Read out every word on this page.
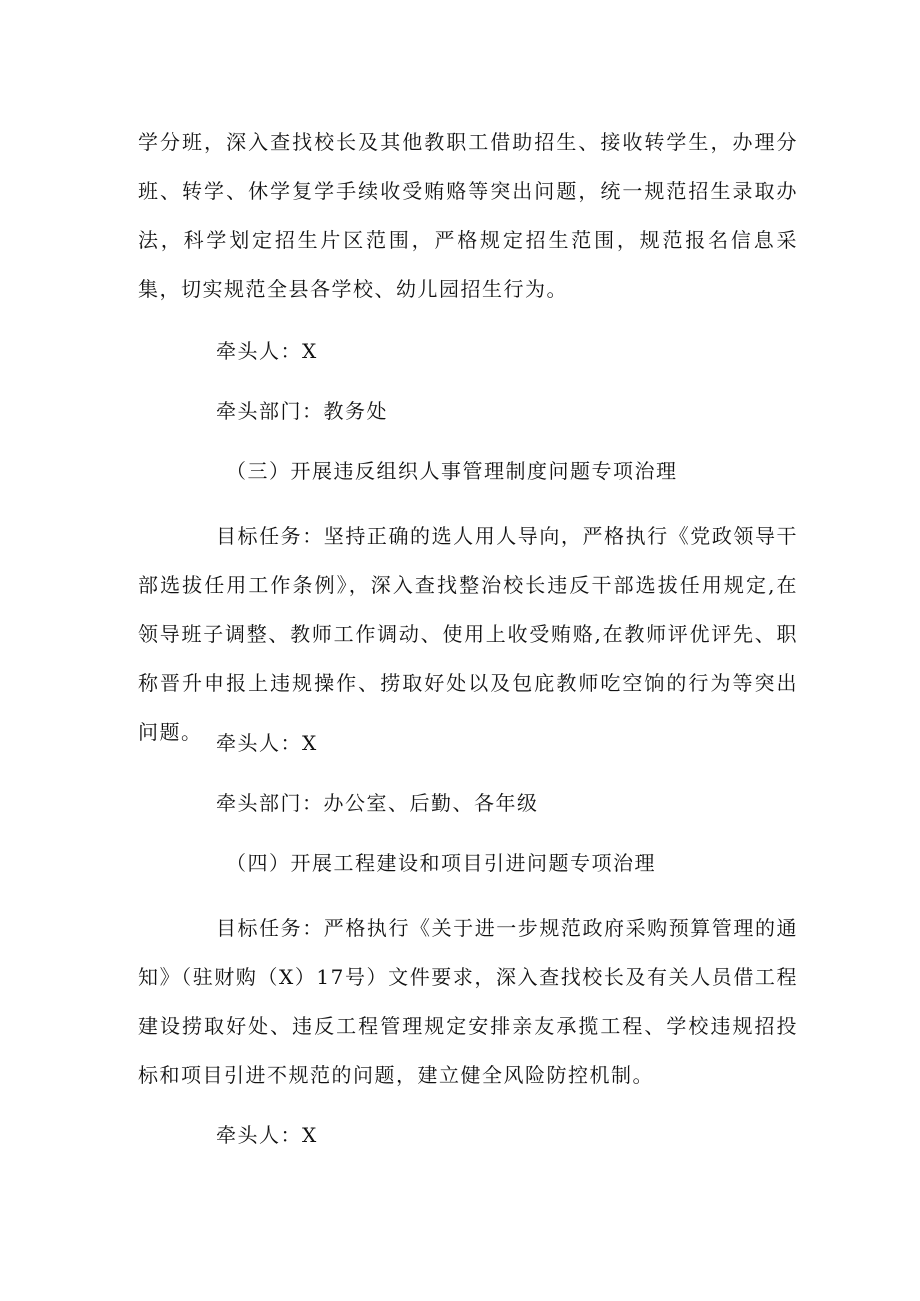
学分班，深入查找校长及其他教职工借助招生、接收转学生，办理分班、转学、休学复学手续收受贿赂等突出问题，统一规范招生录取办法，科学划定招生片区范围，严格规定招生范围，规范报名信息采集，切实规范全县各学校、幼儿园招生行为。

牵头人：X

牵头部门：教务处

（三）开展违反组织人事管理制度问题专项治理

目标任务：坚持正确的选人用人导向，严格执行《党政领导干部选拔任用工作条例》，深入查找整治校长违反干部选拔任用规定,在领导班子调整、教师工作调动、使用上收受贿赂,在教师评优评先、职称晋升申报上违规操作、捞取好处以及包庇教师吃空饷的行为等突出问题。 牵头人：X

牵头部门：办公室、后勤、各年级

（四）开展工程建设和项目引进问题专项治理

目标任务：严格执行《关于进一步规范政府采购预算管理的通知》（驻财购（X）17号）文件要求，深入查找校长及有关人员借工程建设捞取好处、违反工程管理规定安排亲友承揽工程、学校违规招投标和项目引进不规范的问题，建立健全风险防控机制。

牵头人：X
